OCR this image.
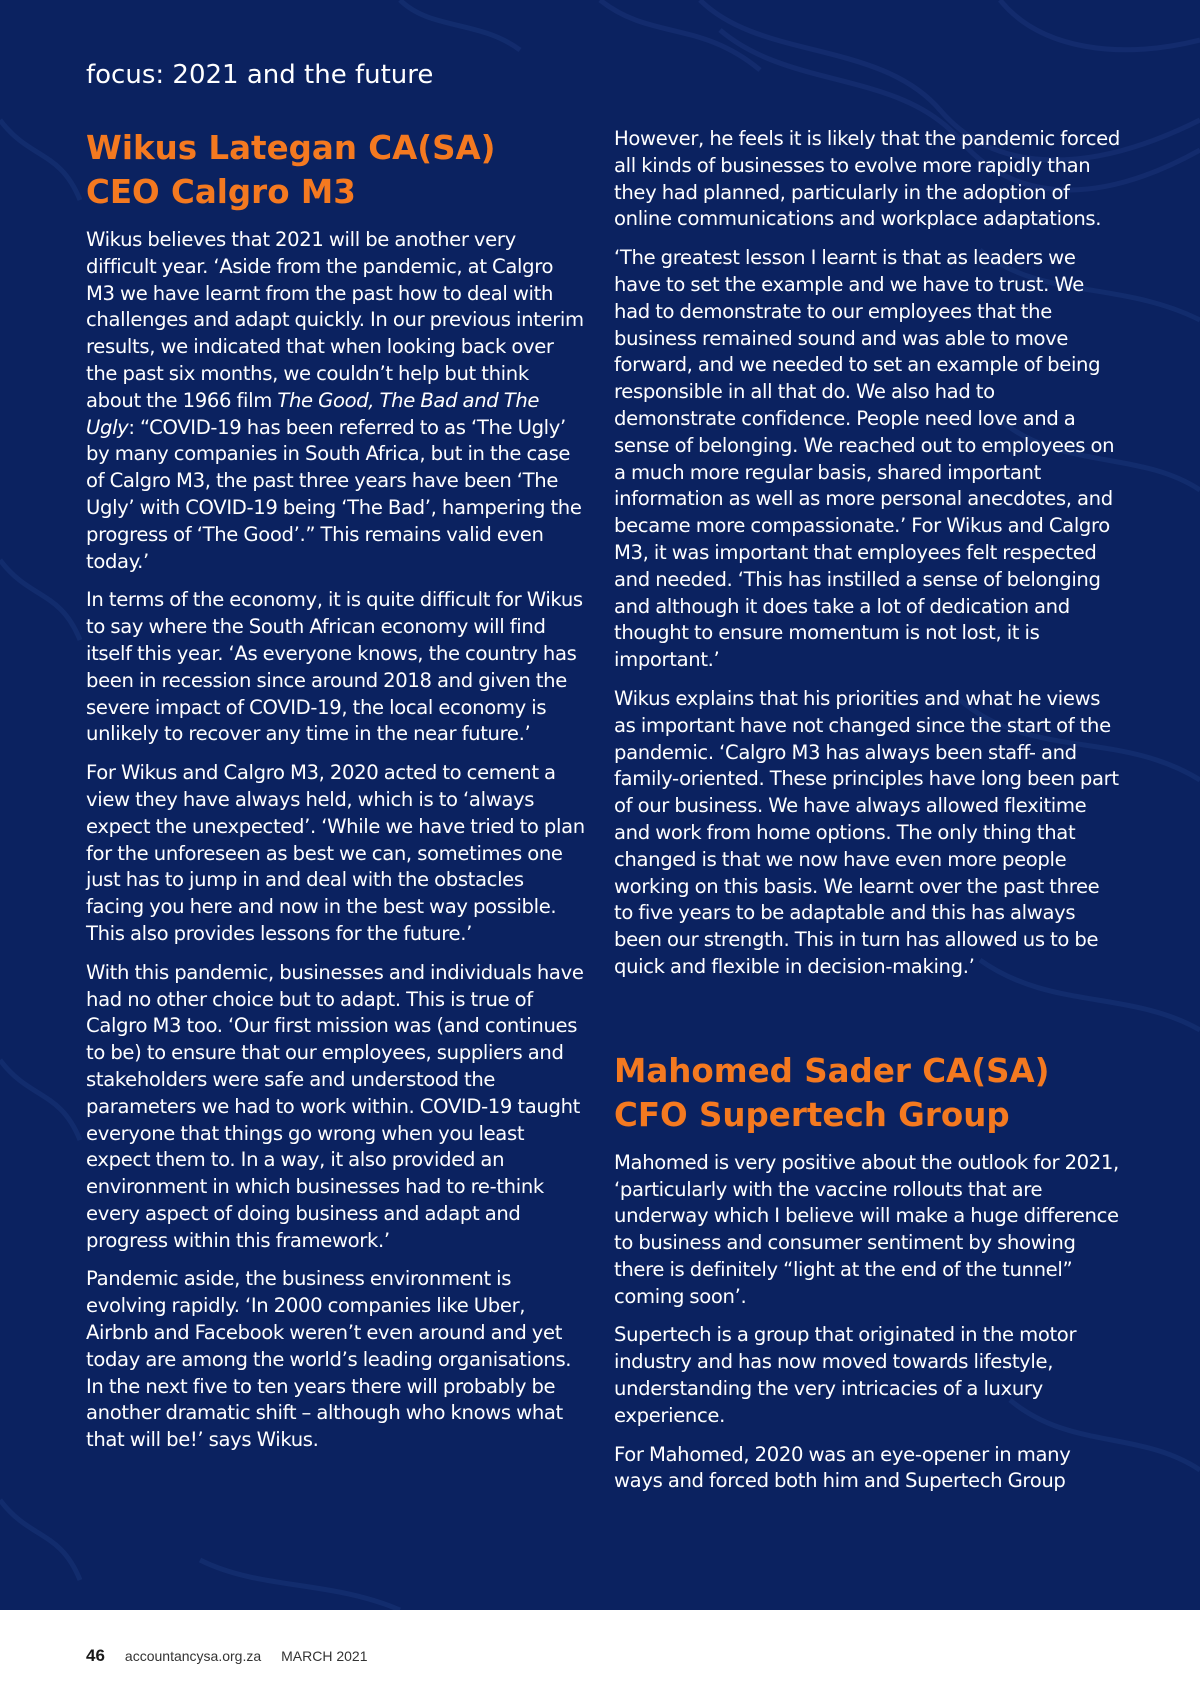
focus: 2021 and the future
Wikus Lategan CA(SA)
CEO Calgro M3

Wikus believes that 2021 will be another very difficult year. ‘Aside from the pandemic, at Calgro M3 we have learnt from the past how to deal with challenges and adapt quickly. In our previous interim results, we indicated that when looking back over the past six months, we couldn’t help but think about the 1966 film The Good, The Bad and The Ugly: “COVID-19 has been referred to as ‘The Ugly’ by many companies in South Africa, but in the case of Calgro M3, the past three years have been ‘The Ugly’ with COVID-19 being ‘The Bad’, hampering the progress of ‘The Good’.” This remains valid even today.’

In terms of the economy, it is quite difficult for Wikus to say where the South African economy will find itself this year. ‘As everyone knows, the country has been in recession since around 2018 and given the severe impact of COVID-19, the local economy is unlikely to recover any time in the near future.’

For Wikus and Calgro M3, 2020 acted to cement a view they have always held, which is to ‘always expect the unexpected’. ‘While we have tried to plan for the unforeseen as best we can, sometimes one just has to jump in and deal with the obstacles facing you here and now in the best way possible. This also provides lessons for the future.’

With this pandemic, businesses and individuals have had no other choice but to adapt. This is true of Calgro M3 too. ‘Our first mission was (and continues to be) to ensure that our employees, suppliers and stakeholders were safe and understood the parameters we had to work within. COVID-19 taught everyone that things go wrong when you least expect them to. In a way, it also provided an environment in which businesses had to re-think every aspect of doing business and adapt and progress within this framework.’

Pandemic aside, the business environment is evolving rapidly. ‘In 2000 companies like Uber, Airbnb and Facebook weren’t even around and yet today are among the world’s leading organisations. In the next five to ten years there will probably be another dramatic shift – although who knows what that will be!’ says Wikus.

However, he feels it is likely that the pandemic forced all kinds of businesses to evolve more rapidly than they had planned, particularly in the adoption of online communications and workplace adaptations.

‘The greatest lesson I learnt is that as leaders we have to set the example and we have to trust. We had to demonstrate to our employees that the business remained sound and was able to move forward, and we needed to set an example of being responsible in all that do. We also had to demonstrate confidence. People need love and a sense of belonging. We reached out to employees on a much more regular basis, shared important information as well as more personal anecdotes, and became more compassionate.’ For Wikus and Calgro M3, it was important that employees felt respected and needed. ‘This has instilled a sense of belonging and although it does take a lot of dedication and thought to ensure momentum is not lost, it is important.’

Wikus explains that his priorities and what he views as important have not changed since the start of the pandemic. ‘Calgro M3 has always been staff- and family-oriented. These principles have long been part of our business. We have always allowed flexitime and work from home options. The only thing that changed is that we now have even more people working on this basis. We learnt over the past three to five years to be adaptable and this has always been our strength. This in turn has allowed us to be quick and flexible in decision-making.’

Mahomed Sader CA(SA)
CFO Supertech Group

Mahomed is very positive about the outlook for 2021, ‘particularly with the vaccine rollouts that are underway which I believe will make a huge difference to business and consumer sentiment by showing there is definitely “light at the end of the tunnel” coming soon’.

Supertech is a group that originated in the motor industry and has now moved towards lifestyle, understanding the very intricacies of a luxury experience.

For Mahomed, 2020 was an eye-opener in many ways and forced both him and Supertech Group

46 accountancysa.org.za MARCH 2021
